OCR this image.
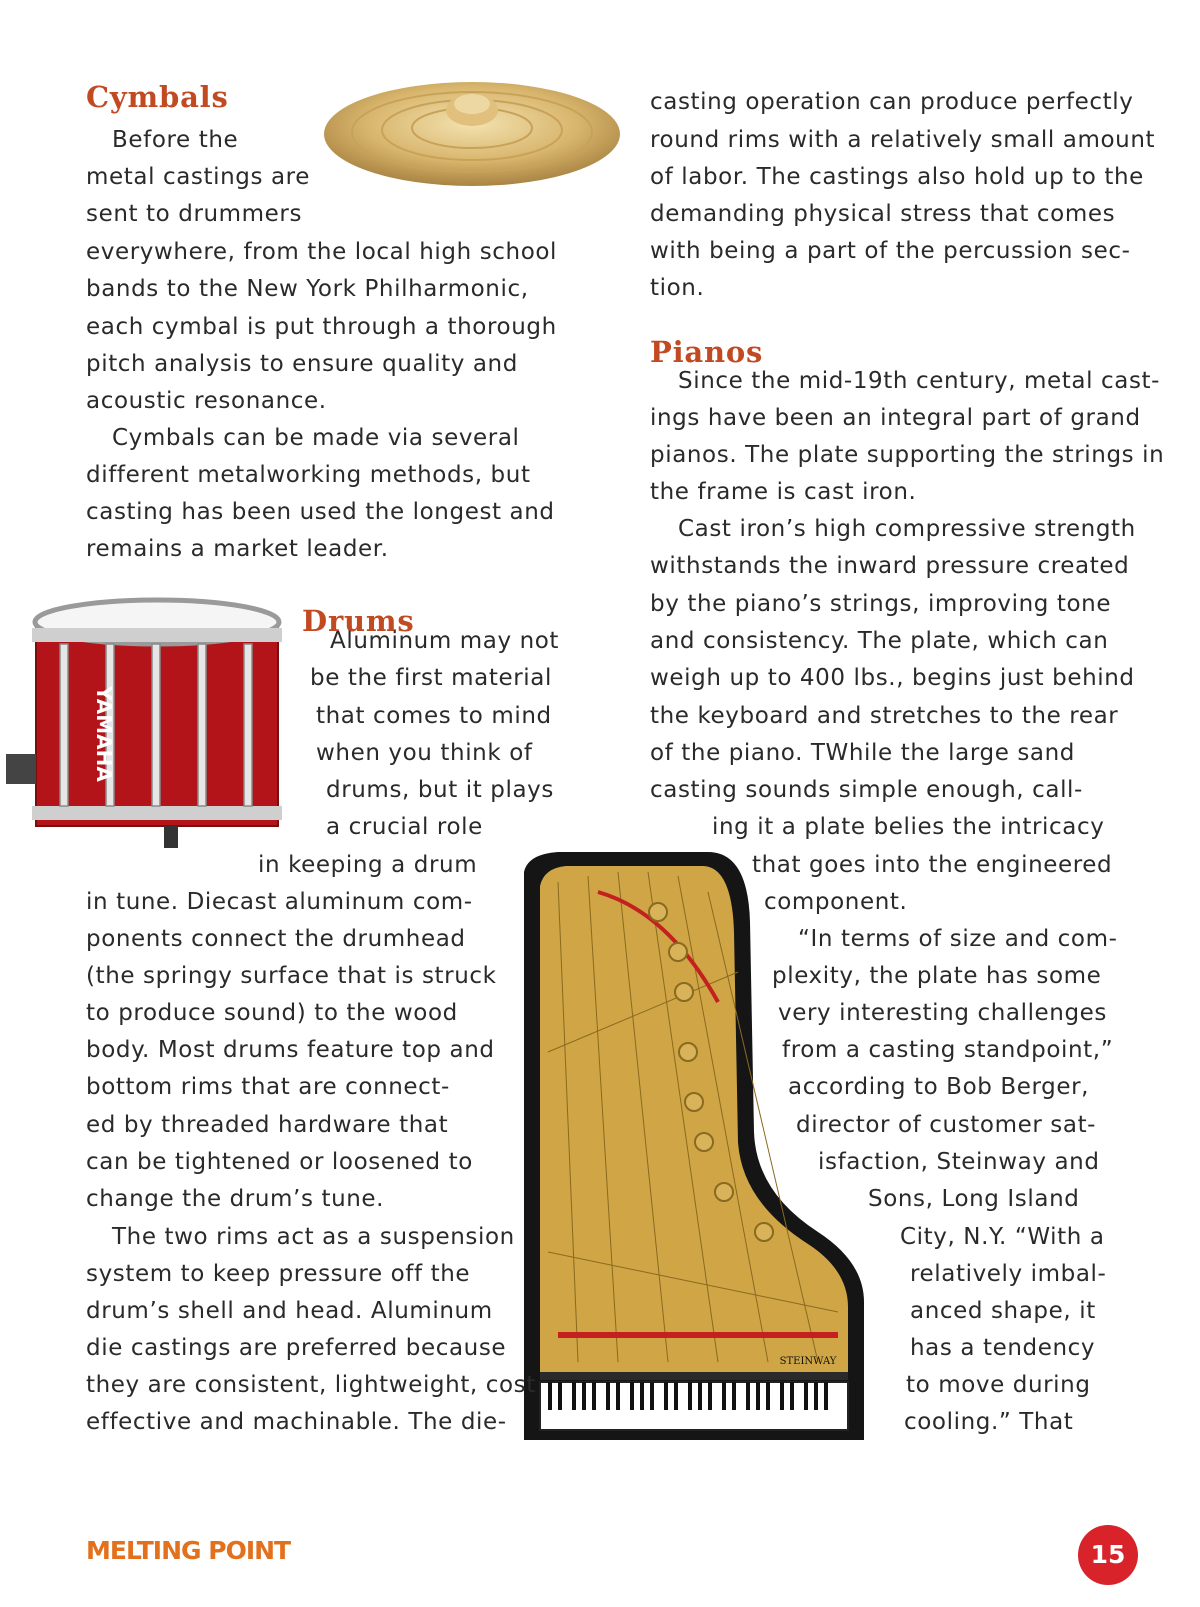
Cymbals
Drums
Pianos
YAMAHA
STEINWAY
Before the
metal castings are
sent to drummers
everywhere, from the local high school
bands to the New York Philharmonic,
each cymbal is put through a thorough
pitch analysis to ensure quality and
acoustic resonance.
Cymbals can be made via several
different metalworking methods, but
casting has been used the longest and
remains a market leader.
Aluminum may not
be the first material
that comes to mind
when you think of
drums, but it plays
a crucial role
in keeping a drum
in tune. Diecast aluminum com-
ponents connect the drumhead
(the springy surface that is struck
to produce sound) to the wood
body. Most drums feature top and
bottom rims that are connect-
ed by threaded hardware that
can be tightened or loosened to
change the drum’s tune.
The two rims act as a suspension
system to keep pressure off the
drum’s shell and head. Aluminum
die castings are preferred because
they are consistent, lightweight, cost
effective and machinable. The die-
casting operation can produce perfectly
round rims with a relatively small amount
of labor. The castings also hold up to the
demanding physical stress that comes
with being a part of the percussion sec-
tion.
Since the mid-19th century, metal cast-
ings have been an integral part of grand
pianos. The plate supporting the strings in
the frame is cast iron.
Cast iron’s high compressive strength
withstands the inward pressure created
by the piano’s strings, improving tone
and consistency. The plate, which can
weigh up to 400 lbs., begins just behind
the keyboard and stretches to the rear
of the piano. TWhile the large sand
casting sounds simple enough, call-
ing it a plate belies the intricacy
that goes into the engineered
component.
“In terms of size and com-
plexity, the plate has some
very interesting challenges
from a casting standpoint,”
according to Bob Berger,
director of customer sat-
isfaction, Steinway and
Sons, Long Island
City, N.Y. “With a
relatively imbal-
anced shape, it
has a tendency
to move during
cooling.” That
MELTING POINT	15
